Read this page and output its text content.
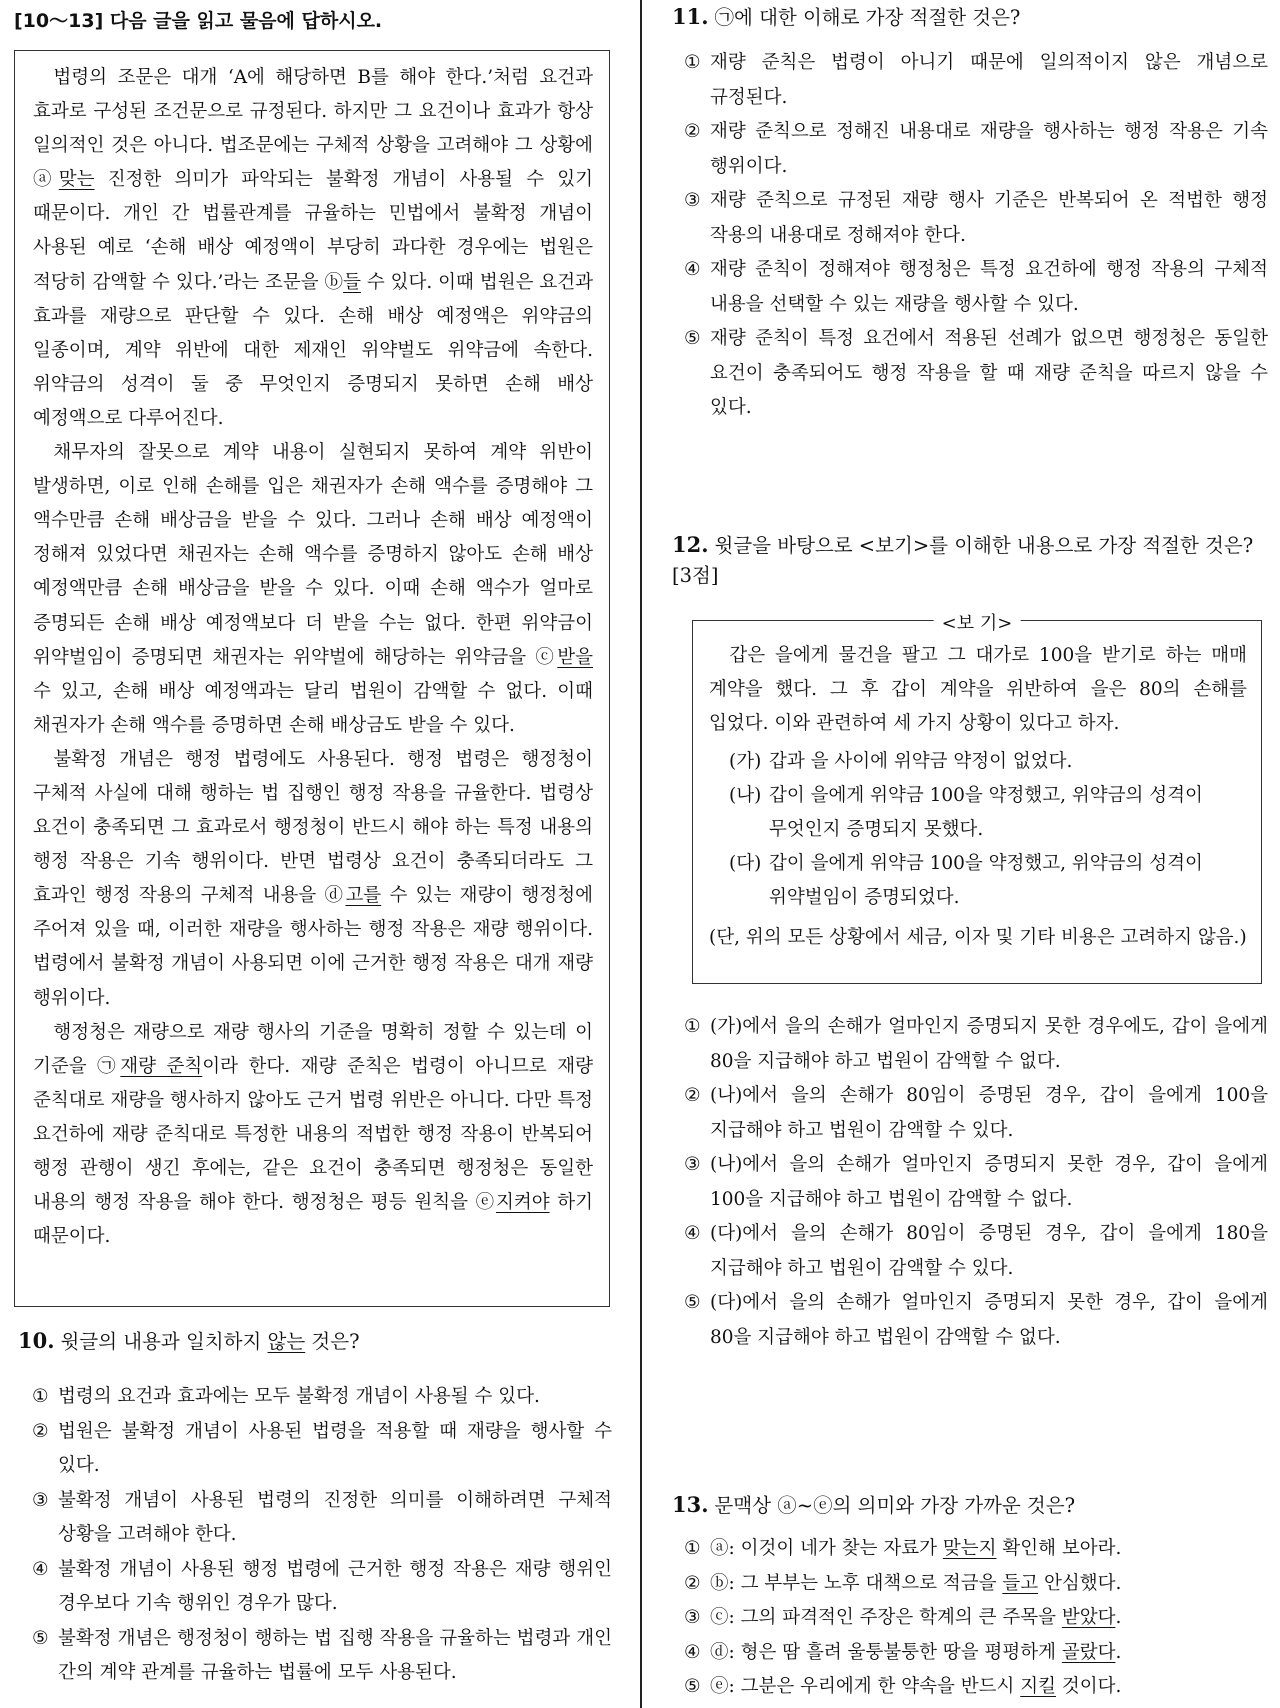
[10～13] 다음 글을 읽고 물음에 답하시오.

법령의 조문은 대개 ‘A에 해당하면 B를 해야 한다.’처럼 요건과 효과로 구성된 조건문으로 규정된다. 하지만 그 요건이나 효과가 항상 일의적인 것은 아니다. 법조문에는 구체적 상황을 고려해야 그 상황에 ⓐ맞는 진정한 의미가 파악되는 불확정 개념이 사용될 수 있기 때문이다. 개인 간 법률관계를 규율하는 민법에서 불확정 개념이 사용된 예로 ‘손해 배상 예정액이 부당히 과다한 경우에는 법원은 적당히 감액할 수 있다.’라는 조문을 ⓑ들 수 있다. 이때 법원은 요건과 효과를 재량으로 판단할 수 있다. 손해 배상 예정액은 위약금의 일종이며, 계약 위반에 대한 제재인 위약벌도 위약금에 속한다. 위약금의 성격이 둘 중 무엇인지 증명되지 못하면 손해 배상 예정액으로 다루어진다.

채무자의 잘못으로 계약 내용이 실현되지 못하여 계약 위반이 발생하면, 이로 인해 손해를 입은 채권자가 손해 액수를 증명해야 그 액수만큼 손해 배상금을 받을 수 있다. 그러나 손해 배상 예정액이 정해져 있었다면 채권자는 손해 액수를 증명하지 않아도 손해 배상 예정액만큼 손해 배상금을 받을 수 있다. 이때 손해 액수가 얼마로 증명되든 손해 배상 예정액보다 더 받을 수는 없다. 한편 위약금이 위약벌임이 증명되면 채권자는 위약벌에 해당하는 위약금을 ⓒ받을 수 있고, 손해 배상 예정액과는 달리 법원이 감액할 수 없다. 이때 채권자가 손해 액수를 증명하면 손해 배상금도 받을 수 있다.

불확정 개념은 행정 법령에도 사용된다. 행정 법령은 행정청이 구체적 사실에 대해 행하는 법 집행인 행정 작용을 규율한다. 법령상 요건이 충족되면 그 효과로서 행정청이 반드시 해야 하는 특정 내용의 행정 작용은 기속 행위이다. 반면 법령상 요건이 충족되더라도 그 효과인 행정 작용의 구체적 내용을 ⓓ고를 수 있는 재량이 행정청에 주어져 있을 때, 이러한 재량을 행사하는 행정 작용은 재량 행위이다. 법령에서 불확정 개념이 사용되면 이에 근거한 행정 작용은 대개 재량 행위이다.

행정청은 재량으로 재량 행사의 기준을 명확히 정할 수 있는데 이 기준을 ㉠재량 준칙이라 한다. 재량 준칙은 법령이 아니므로 재량 준칙대로 재량을 행사하지 않아도 근거 법령 위반은 아니다. 다만 특정 요건하에 재량 준칙대로 특정한 내용의 적법한 행정 작용이 반복되어 행정 관행이 생긴 후에는, 같은 요건이 충족되면 행정청은 동일한 내용의 행정 작용을 해야 한다. 행정청은 평등 원칙을 ⓔ지켜야 하기 때문이다.

10. 윗글의 내용과 일치하지 않는 것은?
① 법령의 요건과 효과에는 모두 불확정 개념이 사용될 수 있다.
② 법원은 불확정 개념이 사용된 법령을 적용할 때 재량을 행사할 수 있다.
③ 불확정 개념이 사용된 법령의 진정한 의미를 이해하려면 구체적 상황을 고려해야 한다.
④ 불확정 개념이 사용된 행정 법령에 근거한 행정 작용은 재량 행위인 경우보다 기속 행위인 경우가 많다.
⑤ 불확정 개념은 행정청이 행하는 법 집행 작용을 규율하는 법령과 개인 간의 계약 관계를 규율하는 법률에 모두 사용된다.
11. ㉠에 대한 이해로 가장 적절한 것은?
① 재량 준칙은 법령이 아니기 때문에 일의적이지 않은 개념으로 규정된다.
② 재량 준칙으로 정해진 내용대로 재량을 행사하는 행정 작용은 기속 행위이다.
③ 재량 준칙으로 규정된 재량 행사 기준은 반복되어 온 적법한 행정 작용의 내용대로 정해져야 한다.
④ 재량 준칙이 정해져야 행정청은 특정 요건하에 행정 작용의 구체적 내용을 선택할 수 있는 재량을 행사할 수 있다.
⑤ 재량 준칙이 특정 요건에서 적용된 선례가 없으면 행정청은 동일한 요건이 충족되어도 행정 작용을 할 때 재량 준칙을 따르지 않을 수 있다.
12. 윗글을 바탕으로 <보기>를 이해한 내용으로 가장 적절한 것은? [3점]
<보 기>

갑은 을에게 물건을 팔고 그 대가로 100을 받기로 하는 매매 계약을 했다. 그 후 갑이 계약을 위반하여 을은 80의 손해를 입었다. 이와 관련하여 세 가지 상황이 있다고 하자.

(가) 갑과 을 사이에 위약금 약정이 없었다.
(나) 갑이 을에게 위약금 100을 약정했고, 위약금의 성격이 무엇인지 증명되지 못했다.
(다) 갑이 을에게 위약금 100을 약정했고, 위약금의 성격이 위약벌임이 증명되었다.

(단, 위의 모든 상황에서 세금, 이자 및 기타 비용은 고려하지 않음.)

① (가)에서 을의 손해가 얼마인지 증명되지 못한 경우에도, 갑이 을에게 80을 지급해야 하고 법원이 감액할 수 없다.
② (나)에서 을의 손해가 80임이 증명된 경우, 갑이 을에게 100을 지급해야 하고 법원이 감액할 수 있다.
③ (나)에서 을의 손해가 얼마인지 증명되지 못한 경우, 갑이 을에게 100을 지급해야 하고 법원이 감액할 수 없다.
④ (다)에서 을의 손해가 80임이 증명된 경우, 갑이 을에게 180을 지급해야 하고 법원이 감액할 수 있다.
⑤ (다)에서 을의 손해가 얼마인지 증명되지 못한 경우, 갑이 을에게 80을 지급해야 하고 법원이 감액할 수 없다.
13. 문맥상 ⓐ~ⓔ의 의미와 가장 가까운 것은?
① ⓐ: 이것이 네가 찾는 자료가 맞는지 확인해 보아라.
② ⓑ: 그 부부는 노후 대책으로 적금을 들고 안심했다.
③ ⓒ: 그의 파격적인 주장은 학계의 큰 주목을 받았다.
④ ⓓ: 형은 땀 흘려 울퉁불퉁한 땅을 평평하게 골랐다.
⑤ ⓔ: 그분은 우리에게 한 약속을 반드시 지킬 것이다.
